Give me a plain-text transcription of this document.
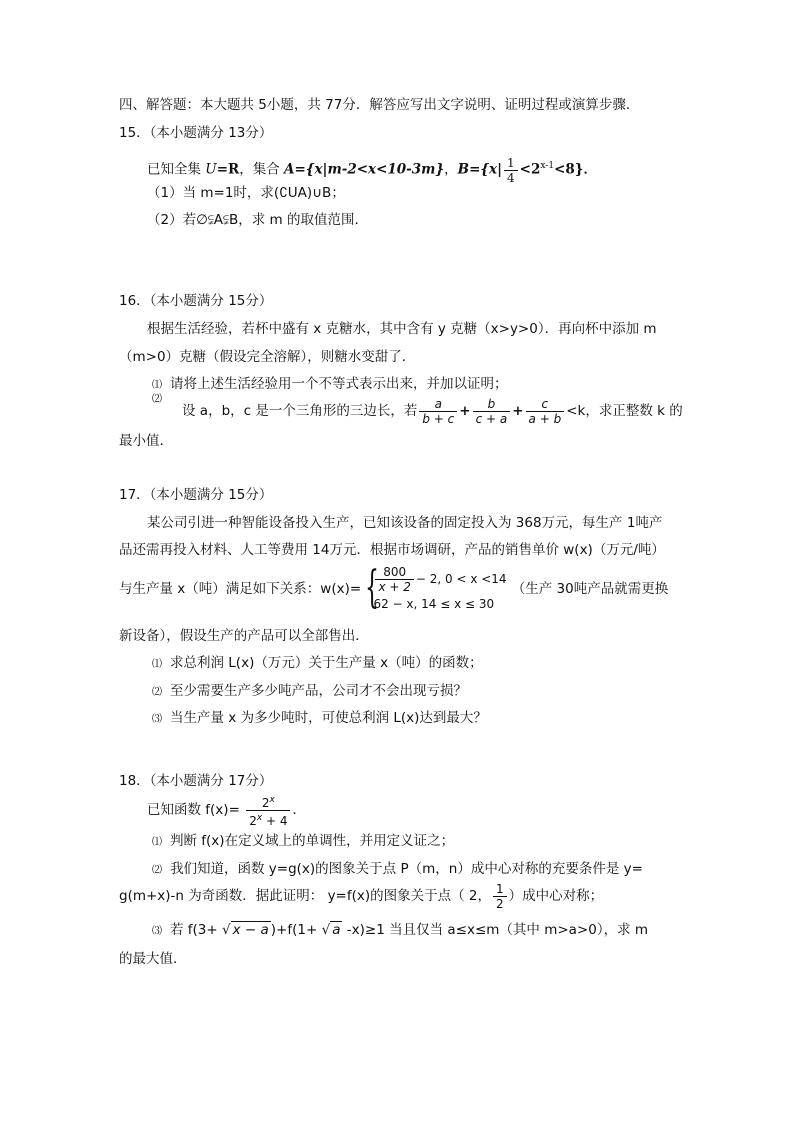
四、解答题：本大题共 5小题，共 77分．解答应写出文字说明、证明过程或演算步骤．
15．（本小题满分 13分）
已知全集 U=R，集合 A={x|m-2<x<10-3m}，$B=\{x| \frac{1}{4} <2^{x-1}<8\}$．
（1）当 m=1时，求(∁UA)∪B；
（2）若∅⫋A⫋B，求 m 的取值范围．
16．（本小题满分 15分）
根据生活经验，若杯中盛有 x 克糖水，其中含有 y 克糖（x>y>0）．再向杯中添加 m
（m>0）克糖（假设完全溶解），则糖水变甜了．
⑴ 请将上述生活经验用一个不等式表示出来，并加以证明；
⑵
设 a，b，c 是一个三角形的三边长，若 $\frac{a}{b + c} + \frac{b}{c + a} + \frac{c}{a + b} <k$，求正整数 k 的
最小值．
17．（本小题满分 15分）
某公司引进一种智能设备投入生产，已知该设备的固定投入为 368万元，每生产 1吨产
品还需再投入材料、人工等费用 14万元．根据市场调研，产品的销售单价 w(x)（万元/吨）
与生产量 x（吨）满足如下关系：w(x)= {
$\frac{800}{x + 2} - 2$, 0 < x <14
62 − x, 14 ≤ x ≤ 30
（生产 30吨产品就需更换
新设备），假设生产的产品可以全部售出．
⑴ 求总利润 L(x)（万元）关于生产量 x（吨）的函数；
⑵ 至少需要生产多少吨产品，公司才不会出现亏损？
⑶ 当生产量 x 为多少吨时，可使总利润 L(x)达到最大？
18．（本小题满分 17分）
已知函数 $f(x)= \frac{2^x}{2^x + 4}$ ．
⑴ 判断 f(x)在定义域上的单调性，并用定义证之；
⑵ 我们知道，函数 y=g(x)的图象关于点 P（m，n）成中心对称的充要条件是 y=
g(m+x)-n 为奇函数．据此证明： y=f(x)的图象关于点（ 2， $\frac{1}{2}$ ）成中心对称；
⑶ 若 f(3+ √ x − a )+f(1+ √ a -x)≥1 当且仅当 a≤x≤m（其中 m>a>0），求 m
的最大值．
